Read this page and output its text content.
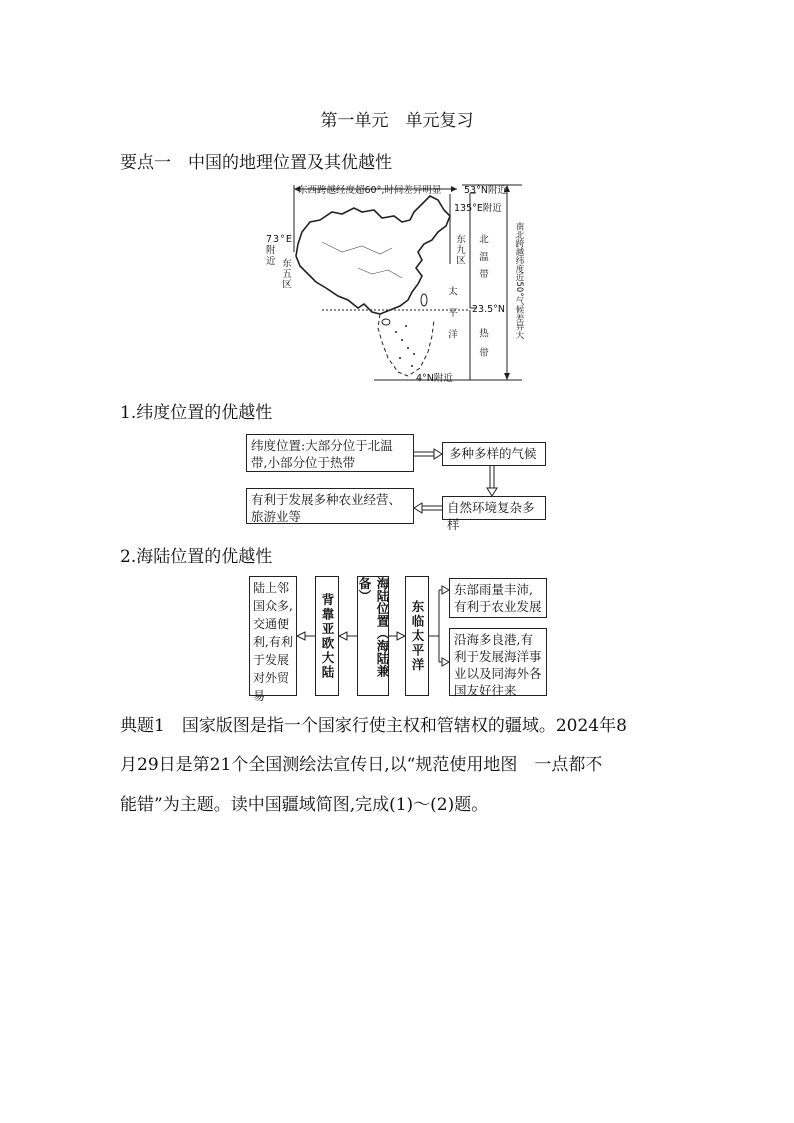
第一单元　单元复习
要点一　中国的地理位置及其优越性
东西跨越经度超60°,时间差异明显 53°N附近
135°E附近
73°E附近 东五区
东九区 北温带
23.5°N
热带
4°N附近
太平洋	南北跨越纬度近50°气候差异大
1.纬度位置的优越性
纬度位置:大部分位于北温带,小部分位于热带
多种多样的气候
自然环境复杂多样
有利于发展多种农业经营、旅游业等
2.海陆位置的优越性
陆上邻国众多,交通便利,有利于发展对外贸易
背靠亚欧大陆	海陆位置（海陆兼备）
东临太平洋
东部雨量丰沛,有利于农业发展
沿海多良港,有利于发展海洋事业以及同海外各国友好往来
典题1　国家版图是指一个国家行使主权和管辖权的疆域。2024年8
月29日是第21个全国测绘法宣传日,以“规范使用地图　一点都不
能错”为主题。读中国疆域简图,完成(1)～(2)题。
